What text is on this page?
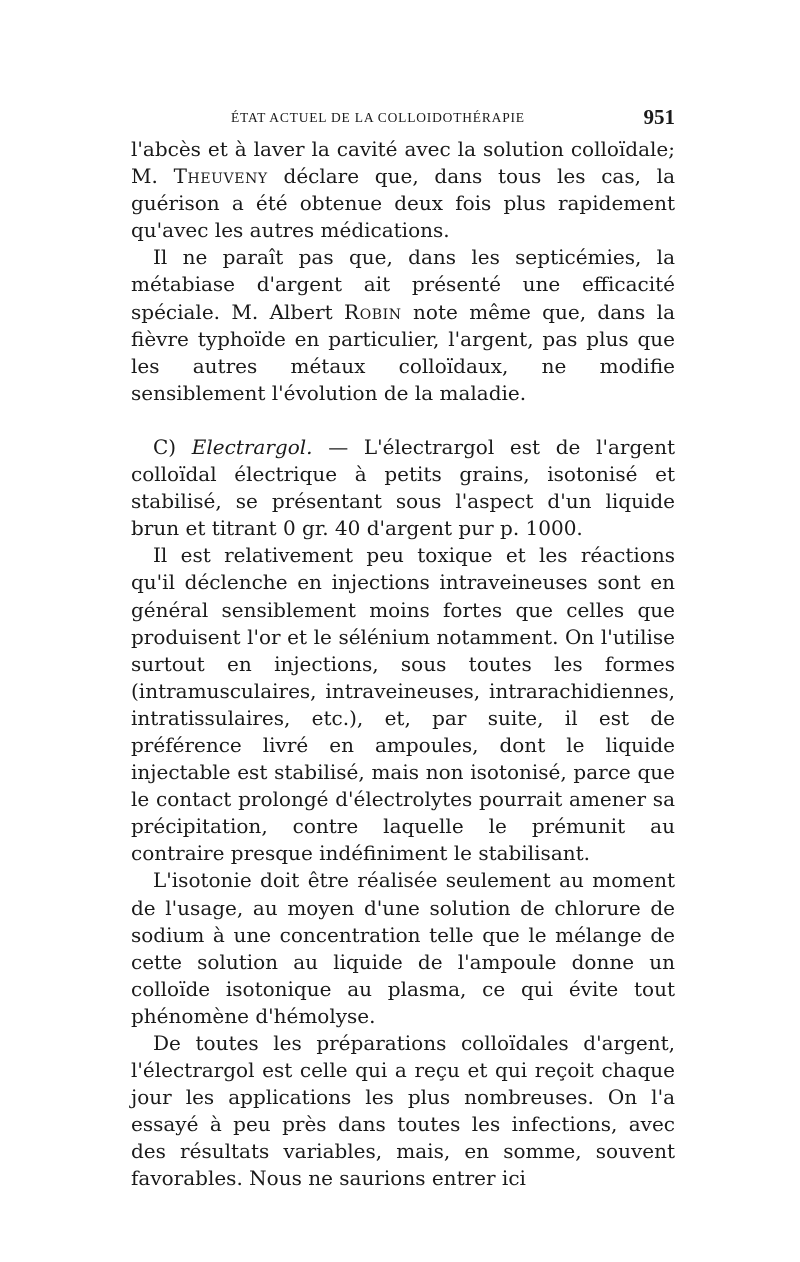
ÉTAT ACTUEL DE LA COLLOIDOTHÉRAPIE	951

l'abcès et à laver la cavité avec la solution colloïdale; M. Theuveny déclare que, dans tous les cas, la guérison a été obtenue deux fois plus rapidement qu'avec les autres médications.

Il ne paraît pas que, dans les septicémies, la métabiase d'argent ait présenté une efficacité spéciale. M. Albert Robin note même que, dans la fièvre typhoïde en particulier, l'argent, pas plus que les autres métaux colloïdaux, ne modifie sensiblement l'évolution de la maladie.

C) Electrargol. — L'électrargol est de l'argent colloïdal électrique à petits grains, isotonisé et stabilisé, se présentant sous l'aspect d'un liquide brun et titrant 0 gr. 40 d'argent pur p. 1000.

Il est relativement peu toxique et les réactions qu'il déclenche en injections intraveineuses sont en général sensiblement moins fortes que celles que produisent l'or et le sélénium notamment. On l'utilise surtout en injections, sous toutes les formes (intramusculaires, intraveineuses, intrarachidiennes, intratissulaires, etc.), et, par suite, il est de préférence livré en ampoules, dont le liquide injectable est stabilisé, mais non isotonisé, parce que le contact prolongé d'électrolytes pourrait amener sa précipitation, contre laquelle le prémunit au contraire presque indéfiniment le stabilisant.

L'isotonie doit être réalisée seulement au moment de l'usage, au moyen d'une solution de chlorure de sodium à une concentration telle que le mélange de cette solution au liquide de l'ampoule donne un colloïde isotonique au plasma, ce qui évite tout phénomène d'hémolyse.

De toutes les préparations colloïdales d'argent, l'électrargol est celle qui a reçu et qui reçoit chaque jour les applications les plus nombreuses. On l'a essayé à peu près dans toutes les infections, avec des résultats variables, mais, en somme, souvent favorables. Nous ne saurions entrer ici
